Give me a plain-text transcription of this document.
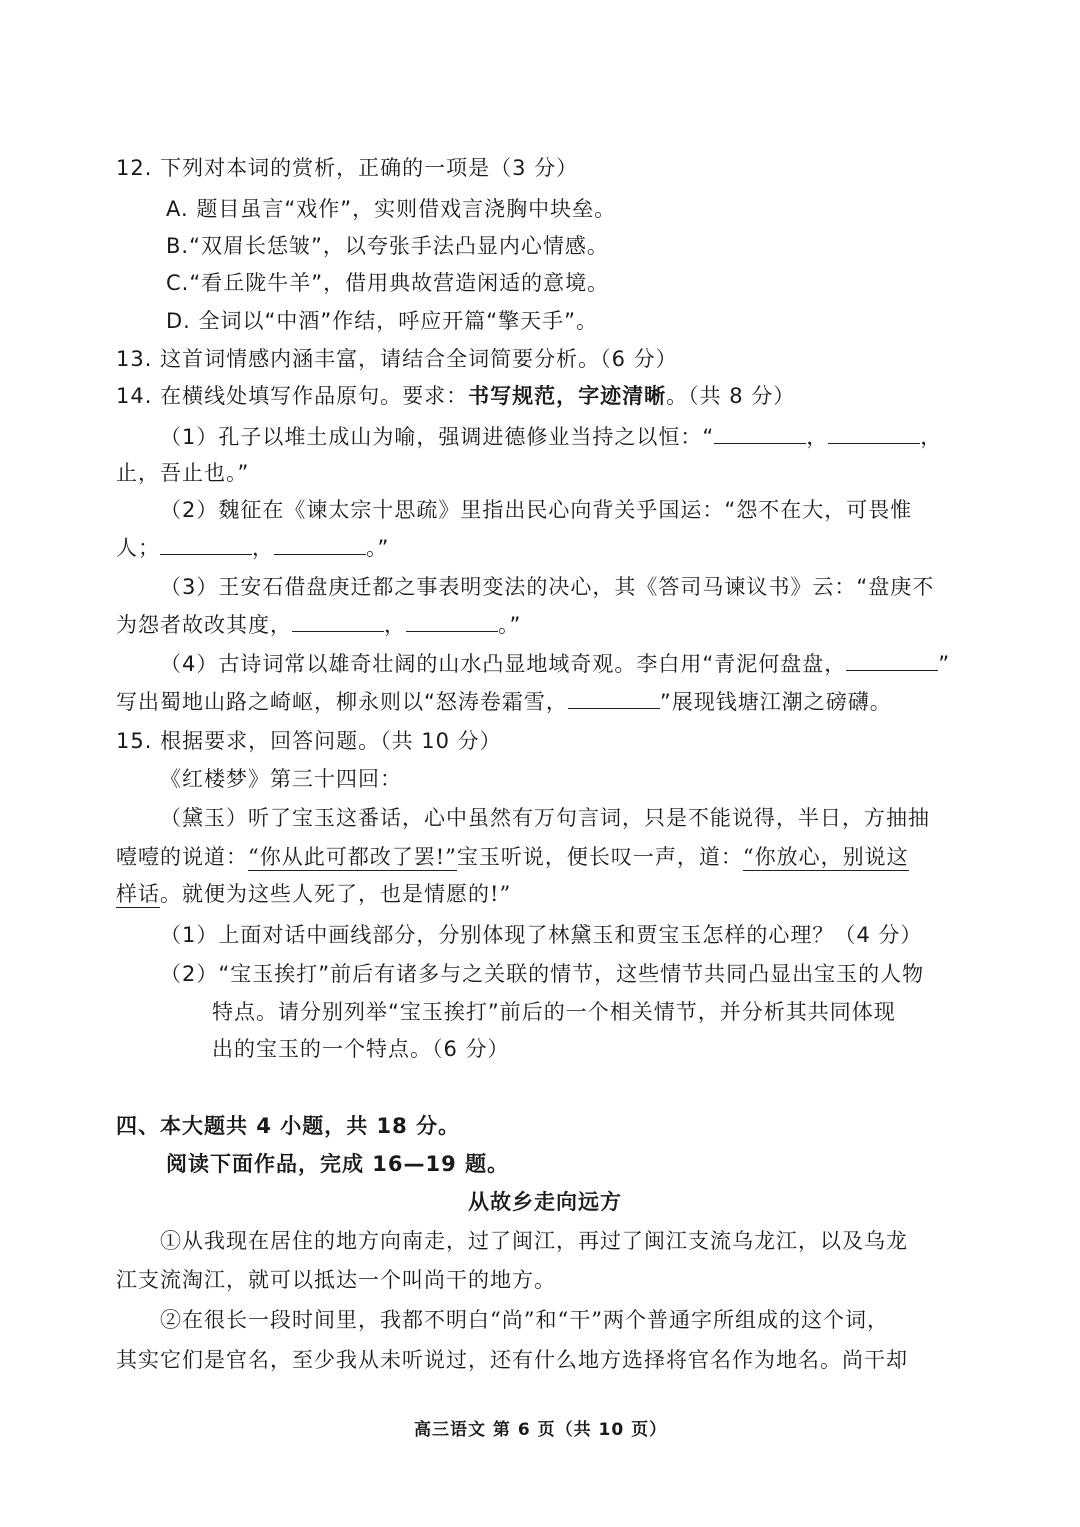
12. 下列对本词的赏析，正确的一项是（3 分）
A. 题目虽言“戏作”，实则借戏言浇胸中块垒。
B.“双眉长恁皱”，以夸张手法凸显内心情感。
C.“看丘陇牛羊”，借用典故营造闲适的意境。
D. 全词以“中酒”作结，呼应开篇“擎天手”。
13. 这首词情感内涵丰富，请结合全词简要分析。（6 分）
14. 在横线处填写作品原句。要求：书写规范，字迹清晰。（共 8 分）
（1）孔子以堆土成山为喻，强调进德修业当持之以恒：“	，	，
止，吾止也。”
（2）魏征在《谏太宗十思疏》里指出民心向背关乎国运：“怨不在大，可畏惟
人；	，	。”
（3）王安石借盘庚迁都之事表明变法的决心，其《答司马谏议书》云：“盘庚不
为怨者故改其度，	，	。”
（4）古诗词常以雄奇壮阔的山水凸显地域奇观。李白用“青泥何盘盘，	”
写出蜀地山路之崎岖，柳永则以“怒涛卷霜雪，	”展现钱塘江潮之磅礴。
15. 根据要求，回答问题。（共 10 分）
《红楼梦》第三十四回：
（黛玉）听了宝玉这番话，心中虽然有万句言词，只是不能说得，半日，方抽抽
噎噎的说道：“你从此可都改了罢!”宝玉听说，便长叹一声，道：“你放心，别说这
样话。就便为这些人死了，也是情愿的!”
（1）上面对话中画线部分，分别体现了林黛玉和贾宝玉怎样的心理？（4 分）
（2）“宝玉挨打”前后有诸多与之关联的情节，这些情节共同凸显出宝玉的人物
特点。请分别列举“宝玉挨打”前后的一个相关情节，并分析其共同体现
出的宝玉的一个特点。（6 分）
四、本大题共 4 小题，共 18 分。
阅读下面作品，完成 16—19 题。
从故乡走向远方
①从我现在居住的地方向南走，过了闽江，再过了闽江支流乌龙江，以及乌龙
江支流淘江，就可以抵达一个叫尚干的地方。
②在很长一段时间里，我都不明白“尚”和“干”两个普通字所组成的这个词，
其实它们是官名，至少我从未听说过，还有什么地方选择将官名作为地名。尚干却
高三语文 第 6 页（共 10 页）
